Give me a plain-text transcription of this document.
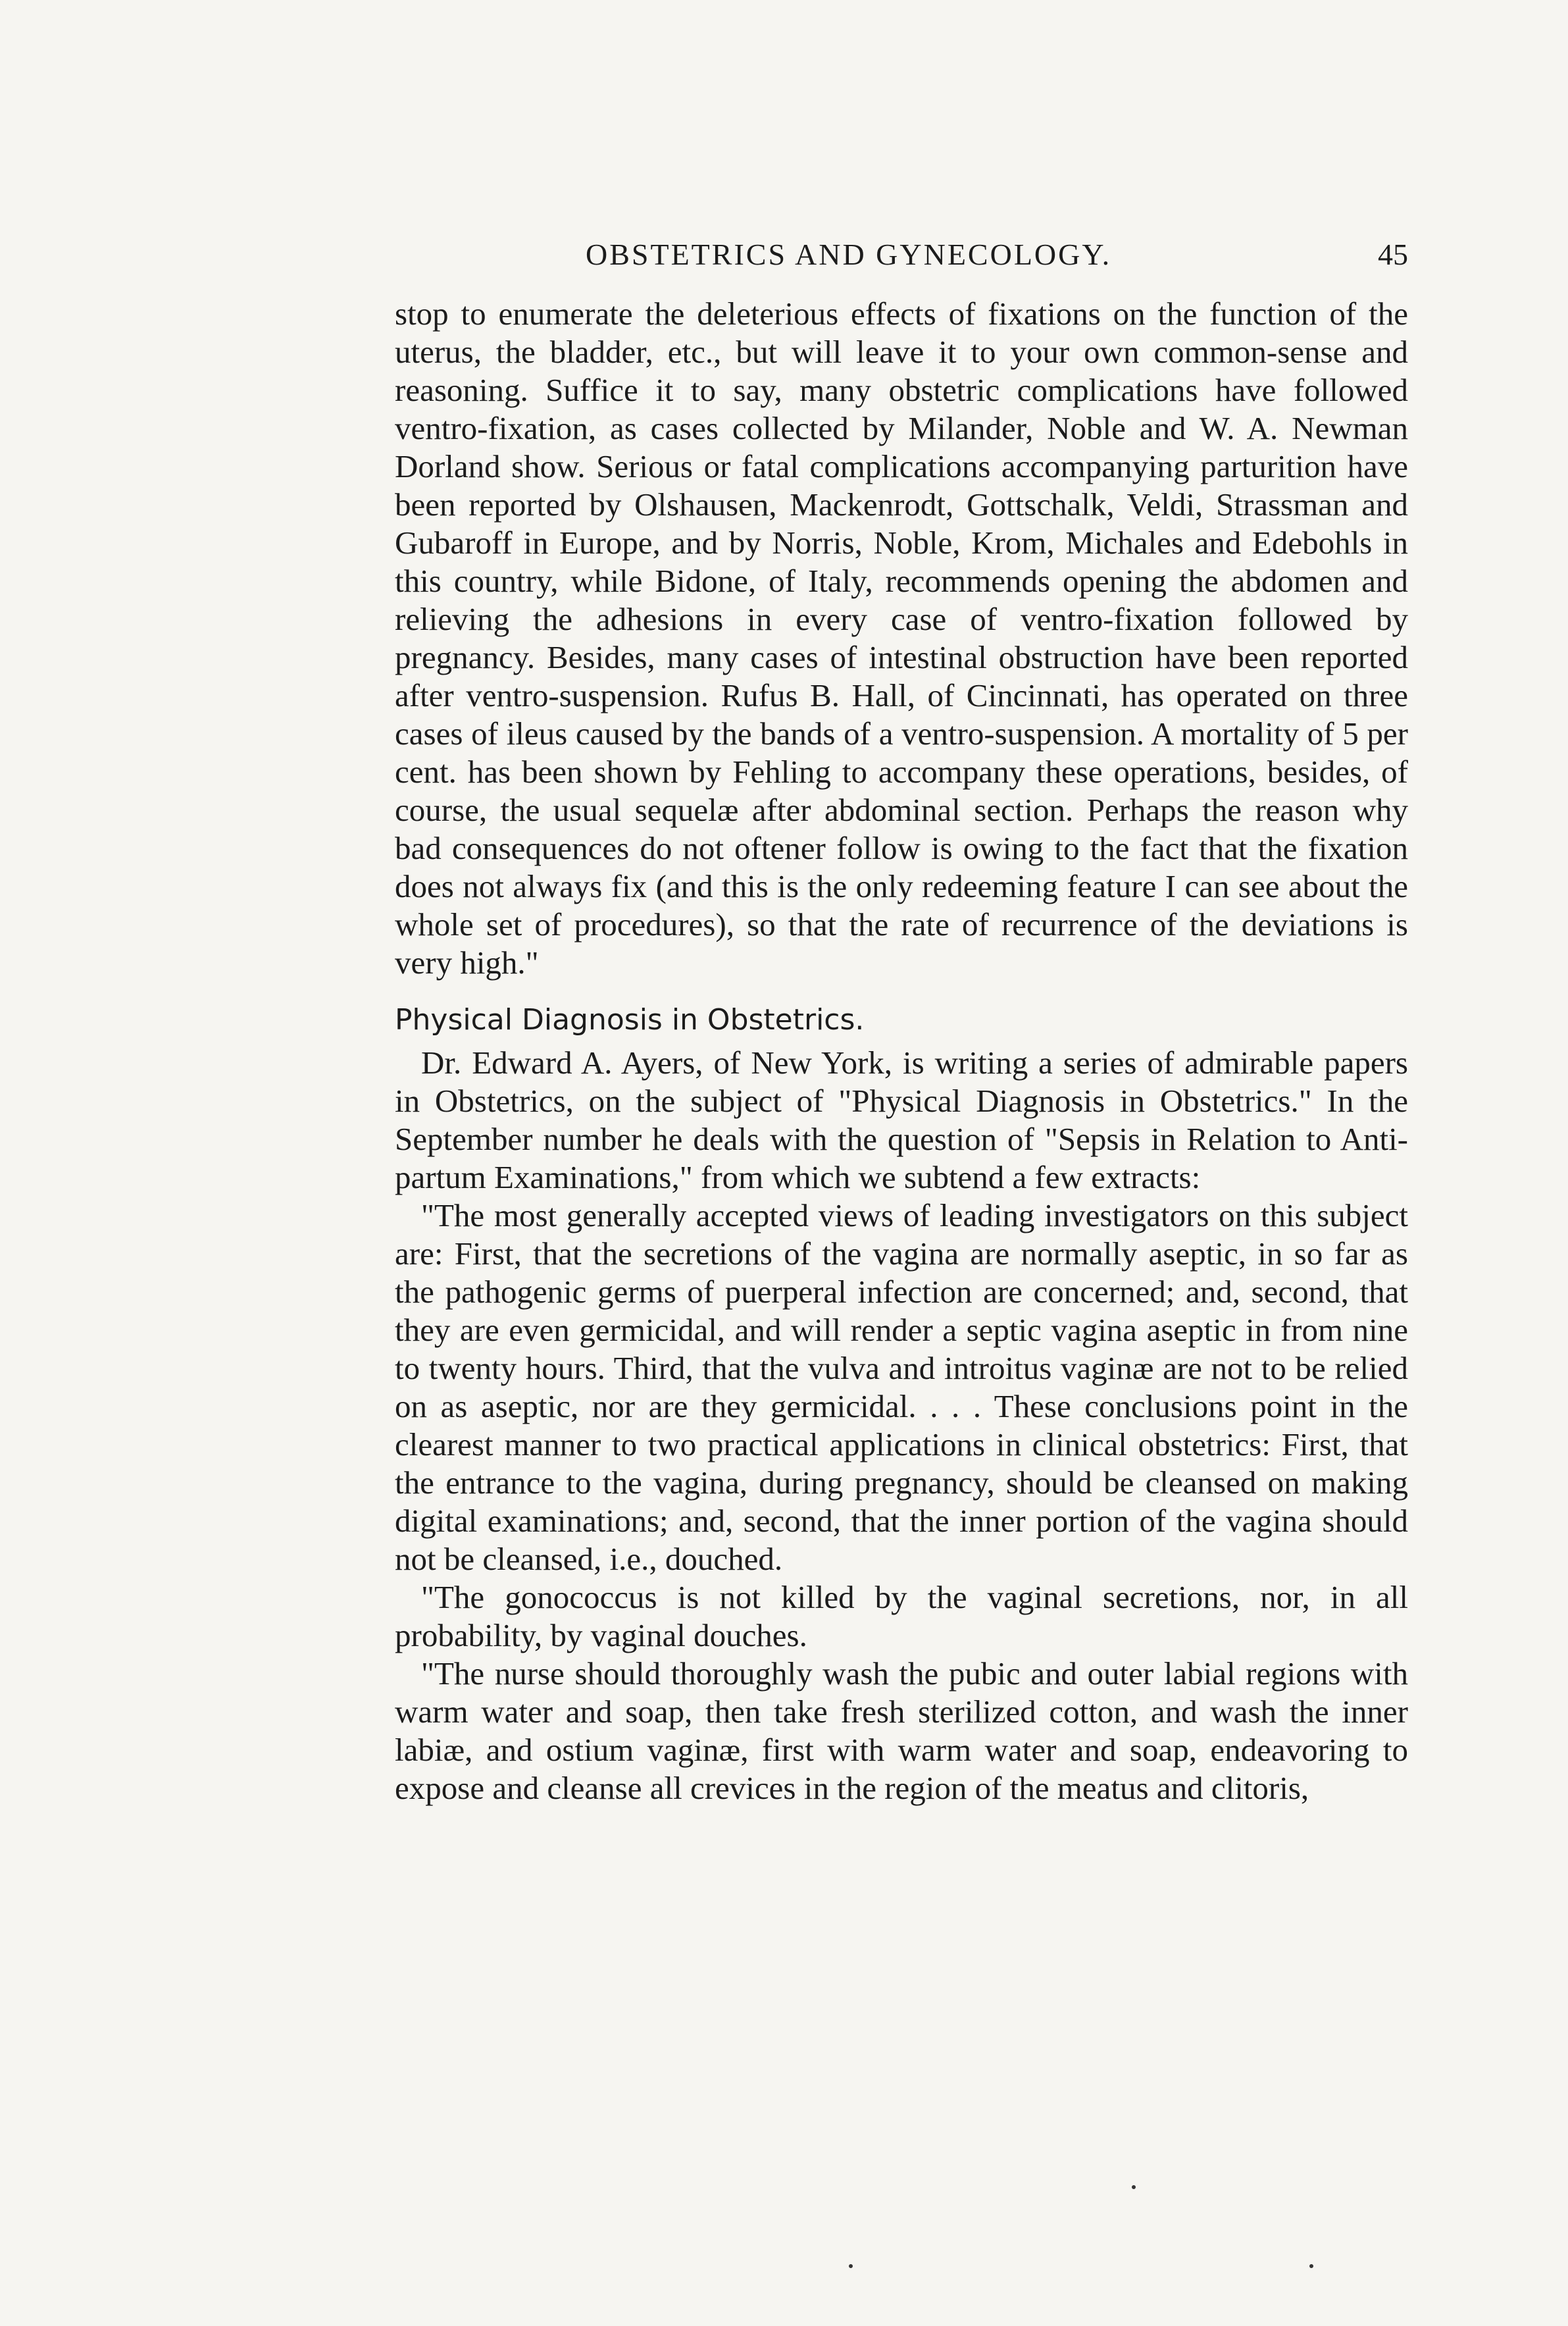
OBSTETRICS AND GYNECOLOGY.	45

stop to enumerate the deleterious effects of fixations on the function of the uterus, the bladder, etc., but will leave it to your own common-sense and reasoning. Suffice it to say, many obstetric complications have followed ventro-fixation, as cases collected by Milander, Noble and W. A. Newman Dorland show. Serious or fatal complications accompanying parturition have been reported by Olshausen, Mackenrodt, Gottschalk, Veldi, Strassman and Gubaroff in Europe, and by Norris, Noble, Krom, Michales and Edebohls in this country, while Bidone, of Italy, recommends opening the abdomen and relieving the adhesions in every case of ventro-fixation followed by pregnancy. Besides, many cases of intestinal obstruction have been reported after ventro-suspension. Rufus B. Hall, of Cincinnati, has operated on three cases of ileus caused by the bands of a ventro-suspension. A mortality of 5 per cent. has been shown by Fehling to accompany these operations, besides, of course, the usual sequelæ after abdominal section. Perhaps the reason why bad consequences do not oftener follow is owing to the fact that the fixation does not always fix (and this is the only redeeming feature I can see about the whole set of procedures), so that the rate of recurrence of the deviations is very high."

Physical Diagnosis in Obstetrics.

Dr. Edward A. Ayers, of New York, is writing a series of admirable papers in Obstetrics, on the subject of "Physical Diagnosis in Obstetrics." In the September number he deals with the question of "Sepsis in Relation to Anti-partum Examinations," from which we subtend a few extracts:

"The most generally accepted views of leading investigators on this subject are: First, that the secretions of the vagina are normally aseptic, in so far as the pathogenic germs of puerperal infection are concerned; and, second, that they are even germicidal, and will render a septic vagina aseptic in from nine to twenty hours. Third, that the vulva and introitus vaginæ are not to be relied on as aseptic, nor are they germicidal. . . . These conclusions point in the clearest manner to two practical applications in clinical obstetrics: First, that the entrance to the vagina, during pregnancy, should be cleansed on making digital examinations; and, second, that the inner portion of the vagina should not be cleansed, i.e., douched.

"The gonococcus is not killed by the vaginal secretions, nor, in all probability, by vaginal douches.

"The nurse should thoroughly wash the pubic and outer labial regions with warm water and soap, then take fresh sterilized cotton, and wash the inner labiæ, and ostium vaginæ, first with warm water and soap, endeavoring to expose and cleanse all crevices in the region of the meatus and clitoris,
